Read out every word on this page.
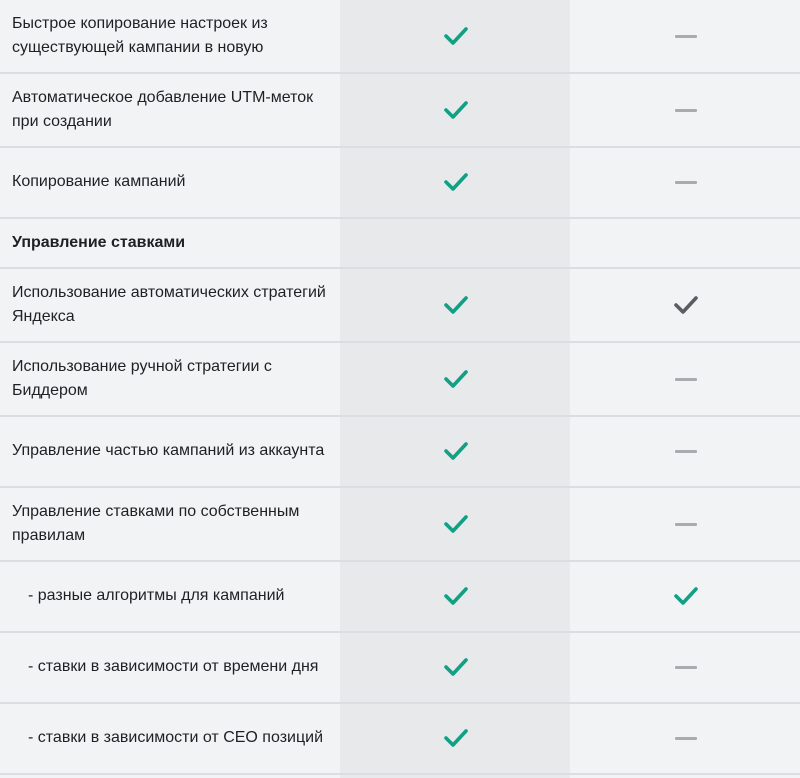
Быстрое копирование настроек из существующей кампании в новую
Автоматическое добавление UTM-меток при создании
Копирование кампаний
Управление ставками
Использование автоматических стратегий Яндекса
Использование ручной стратегии с Биддером
Управление частью кампаний из аккаунта
Управление ставками по собственным правилам
- разные алгоритмы для кампаний
- ставки в зависимости от времени дня
- ставки в зависимости от СЕО позиций
